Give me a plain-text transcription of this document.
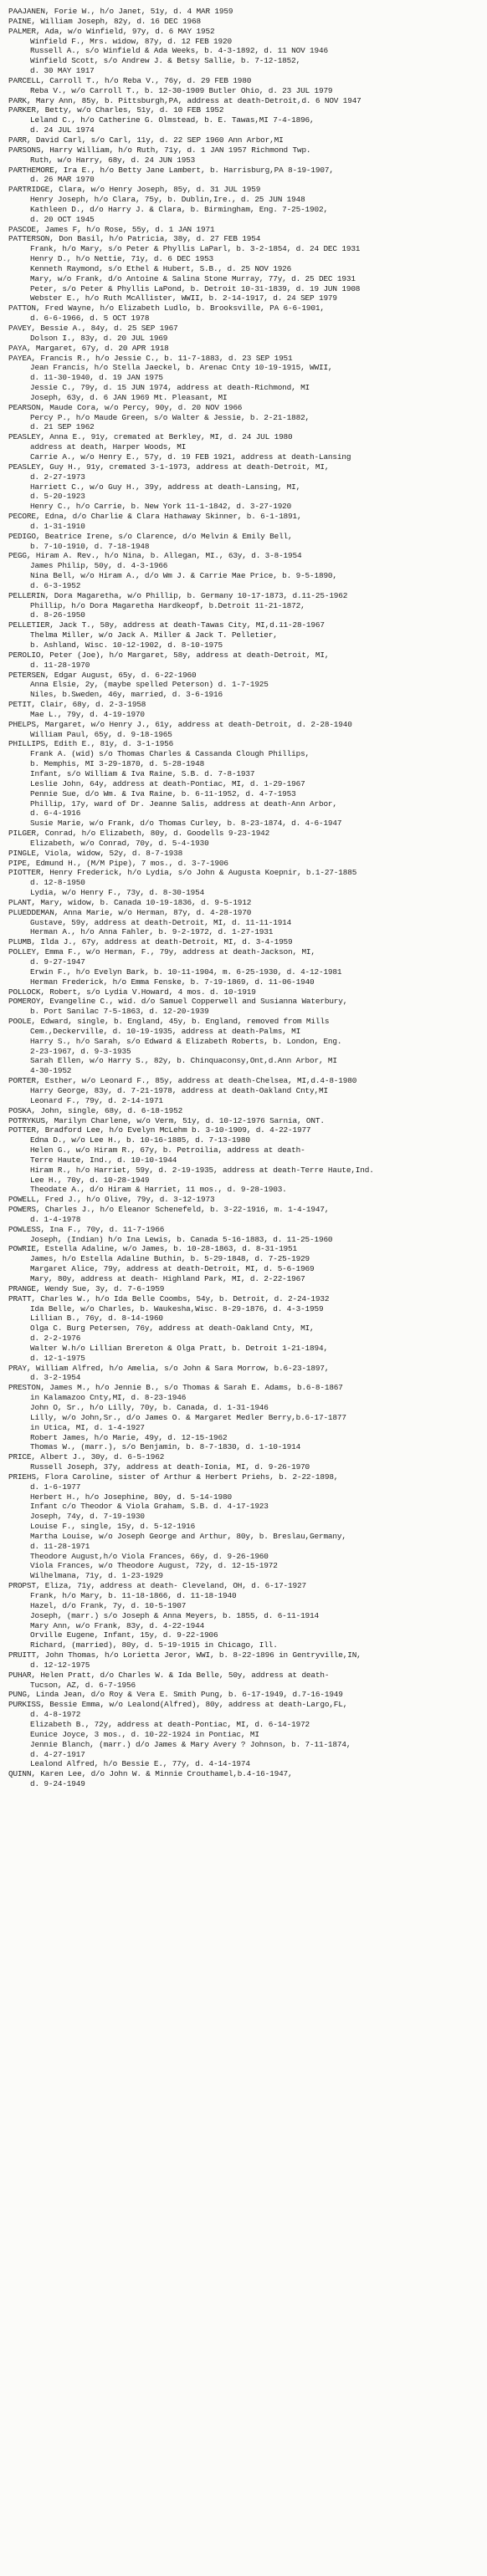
PAAJANEN, Forie W., h/o Janet, 51y, d. 4 MAR 1959
PAINE, William Joseph, 82y, d. 16 DEC 1968
PALMER, Ada, w/o Winfield, 97y, d. 6 MAY 1952
Winfield F., Mrs. widow, 87y, d. 12 FEB 1920
Russell A., s/o Winfield & Ada Weeks, b. 4-3-1892, d. 11 NOV 1946
Winfield Scott, s/o Andrew J. & Betsy Sallie, b. 7-12-1852,
d. 30 MAY 1917
PARCELL, Carroll T., h/o Reba V., 76y, d. 29 FEB 1980
Reba V., w/o Carroll T., b. 12-30-1909 Butler Ohio, d. 23 JUL 1979
PARK, Mary Ann, 85y, b. Pittsburgh,PA, address at death-Detroit,d. 6 NOV 1947
PARKER, Betty, w/o Charles, 51y, d. 10 FEB 1952
Leland C., h/o Catherine G. Olmstead, b. E. Tawas,MI 7-4-1896,
d. 24 JUL 1974
PARR, David Carl, s/o Carl, 11y, d. 22 SEP 1960 Ann Arbor,MI
PARSONS, Harry William, h/o Ruth, 71y, d. 1 JAN 1957 Richmond Twp.
Ruth, w/o Harry, 68y, d. 24 JUN 1953
PARTHEMORE, Ira E., h/o Betty Jane Lambert, b. Harrisburg,PA 8-19-1907,
d. 26 MAR 1970
PARTRIDGE, Clara, w/o Henry Joseph, 85y, d. 31 JUL 1959
Henry Joseph, h/o Clara, 75y, b. Dublin,Ire., d. 25 JUN 1948
Kathleen D., d/o Harry J. & Clara, b. Birmingham, Eng. 7-25-1902,
d. 20 OCT 1945
PASCOE, James F, h/o Rose, 55y, d. 1 JAN 1971
PATTERSON, Don Basil, h/o Patricia, 38y, d. 27 FEB 1954
Frank, h/o Mary, s/o Peter & Phyllis LaParl, b. 3-2-1854, d. 24 DEC 1931
Henry D., h/o Nettie, 71y, d. 6 DEC 1953
Kenneth Raymond, s/o Ethel & Hubert, S.B., d. 25 NOV 1926
Mary, w/o Frank, d/o Antoine & Salina Stone Murray, 77y, d. 25 DEC 1931
Peter, s/o Peter & Phyllis LaPond, b. Detroit 10-31-1839, d. 19 JUN 1908
Webster E., h/o Ruth McAllister, WWII, b. 2-14-1917, d. 24 SEP 1979
PATTON, Fred Wayne, h/o Elizabeth Ludlo, b. Brooksville, PA 6-6-1901,
d. 6-6-1966, d. 5 OCT 1978
PAVEY, Bessie A., 84y, d. 25 SEP 1967
Dolson I., 83y, d. 20 JUL 1969
PAYA, Margaret, 67y, d. 20 APR 1918
PAYEA, Francis R., h/o Jessie C., b. 11-7-1883, d. 23 SEP 1951
Jean Francis, h/o Stella Jaeckel, b. Arenac Cnty 10-19-1915, WWII,
d. 11-30-1940, d. 19 JAN 1975
Jessie C., 79y, d. 15 JUN 1974, address at death-Richmond, MI
Joseph, 63y, d. 6 JAN 1969 Mt. Pleasant, MI
PEARSON, Maude Cora, w/o Percy, 90y, d. 20 NOV 1966
Percy P., h/o Maude Green, s/o Walter & Jessie, b. 2-21-1882,
d. 21 SEP 1962
PEASLEY, Anna E., 91y, cremated at Berkley, MI, d. 24 JUL 1980
address at death, Harper Woods, MI
Carrie A., w/o Henry E., 57y, d. 19 FEB 1921, address at death-Lansing
PEASLEY, Guy H., 91y, cremated 3-1-1973, address at death-Detroit, MI,
d. 2-27-1973
Harriett C., w/o Guy H., 39y, address at death-Lansing, MI,
d. 5-20-1923
Henry C., h/o Carrie, b. New York 11-1-1842, d. 3-27-1920
PECORE, Edna, d/o Charlie & Clara Hathaway Skinner, b. 6-1-1891,
d. 1-31-1910
PEDIGO, Beatrice Irene, s/o Clarence, d/o Melvin & Emily Bell,
b. 7-10-1910, d. 7-18-1948
PEGG, Hiram A. Rev., h/o Nina, b. Allegan, MI., 63y, d. 3-8-1954
James Philip, 50y, d. 4-3-1966
Nina Bell, w/o Hiram A., d/o Wm J. & Carrie Mae Price, b. 9-5-1890,
d. 6-3-1952
PELLERIN, Dora Magaretha, w/o Phillip, b. Germany 10-17-1873, d.11-25-1962
Phillip, h/o Dora Magaretha Hardkeopf, b.Detroit 11-21-1872,
d. 8-26-1950
PELLETIER, Jack T., 58y, address at death-Tawas City, MI,d.11-28-1967
Thelma Miller, w/o Jack A. Miller & Jack T. Pelletier,
b. Ashland, Wisc. 10-12-1902, d. 8-10-1975
PEROLIO, Peter (Joe), h/o Margaret, 58y, address at death-Detroit, MI,
d. 11-28-1970
PETERSEN, Edgar August, 65y, d. 6-22-1960
Anna Elsie, 2y, (maybe spelled Peterson) d. 1-7-1925
Niles, b.Sweden, 46y, married, d. 3-6-1916
PETIT, Clair, 68y, d. 2-3-1958
Mae L., 79y, d. 4-19-1970
PHELPS, Margaret, w/o Henry J., 61y, address at death-Detroit, d. 2-28-1940
William Paul, 65y, d. 9-18-1965
PHILLIPS, Edith E., 81y, d. 3-1-1956
Frank A. (wid) s/o Thomas Charles & Cassanda Clough Phillips,
b. Memphis, MI 3-29-1870, d. 5-28-1948
Infant, s/o William & Iva Raine, S.B. d. 7-8-1937
Leslie John, 64y, address at death-Pontiac, MI, d. 1-29-1967
Pennie Sue, d/o Wm. & Iva Raine, b. 6-11-1952, d. 4-7-1953
Phillip, 17y, ward of Dr. Jeanne Salis, address at death-Ann Arbor,
d. 6-4-1916
Susie Marie, w/o Frank, d/o Thomas Curley, b. 8-23-1874, d. 4-6-1947
PILGER, Conrad, h/o Elizabeth, 80y, d. Goodells 9-23-1942
Elizabeth, w/o Conrad, 70y, d. 5-4-1930
PINGLE, Viola, widow, 52y, d. 8-7-1938
PIPE, Edmund H., (M/M Pipe), 7 mos., d. 3-7-1906
PIOTTER, Henry Frederick, h/o Lydia, s/o John & Augusta Koepnir, b.1-27-1885
d. 12-8-1950
Lydia, w/o Henry F., 73y, d. 8-30-1954
PLANT, Mary, widow, b. Canada 10-19-1836, d. 9-5-1912
PLUEDDEMAN, Anna Marie, w/o Herman, 87y, d. 4-28-1970
Gustave, 59y, address at death-Detroit, MI, d. 11-11-1914
Herman A., h/o Anna Fahler, b. 9-2-1972, d. 1-27-1931
PLUMB, Ilda J., 67y, address at death-Detroit, MI, d. 3-4-1959
POLLEY, Emma F., w/o Herman, F., 79y, address at death-Jackson, MI,
d. 9-27-1947
Erwin F., h/o Evelyn Bark, b. 10-11-1904, m. 6-25-1930, d. 4-12-1981
Herman Frederick, h/o Emma Fenske, b. 7-19-1869, d. 11-06-1940
POLLOCK, Robert, s/o Lydia V.Howard, 4 mos. d. 10-1919
POMEROY, Evangeline C., wid. d/o Samuel Copperwell and Susianna Waterbury,
b. Port Sanilac 7-5-1863, d. 12-20-1939
POOLE, Edward, single, b. England, 45y, b. England, removed from Mills
Cem.,Deckerville, d. 10-19-1935, address at death-Palms, MI
Harry S., h/o Sarah, s/o Edward & Elizabeth Roberts, b. London, Eng.
2-23-1967, d. 9-3-1935
Sarah Ellen, w/o Harry S., 82y, b. Chinquaconsy,Ont,d.Ann Arbor, MI
4-30-1952
PORTER, Esther, w/o Leonard F., 85y, address at death-Chelsea, MI,d.4-8-1980
Harry George, 83y, d. 7-21-1978, address at death-Oakland Cnty,MI
Leonard F., 79y, d. 2-14-1971
POSKA, John, single, 68y, d. 6-18-1952
POTRYKUS, Marilyn Charlene, w/o Verm, 51y, d. 10-12-1976 Sarnia, ONT.
POTTER, Bradford Lee, h/o Evelyn McLehm b. 3-10-1909, d. 4-22-1977
Edna D., w/o Lee H., b. 10-16-1885, d. 7-13-1980
Helen G., w/o Hiram R., 67y, b. Petroilia, address at death-
Terre Haute, Ind., d. 10-10-1944
Hiram R., h/o Harriet, 59y, d. 2-19-1935, address at death-Terre Haute,Ind.
Lee H., 70y, d. 10-28-1949
Theodate A., d/o Hiram & Harriet, 11 mos., d. 9-28-1903.
POWELL, Fred J., h/o Olive, 79y, d. 3-12-1973
POWERS, Charles J., h/o Eleanor Schenefeld, b. 3-22-1916, m. 1-4-1947,
d. 1-4-1978
POWLESS, Ina F., 70y, d. 11-7-1966
Joseph, (Indian) h/o Ina Lewis, b. Canada 5-16-1883, d. 11-25-1960
POWRIE, Estella Adaline, w/o James, b. 10-28-1863, d. 8-31-1951
James, h/o Estella Adaline Buthin, b. 5-29-1848, d. 7-25-1929
Margaret Alice, 79y, address at death-Detroit, MI, d. 5-6-1969
Mary, 80y, address at death- Highland Park, MI, d. 2-22-1967
PRANGE, Wendy Sue, 3y, d. 7-6-1959
PRATT, Charles W., h/o Ida Belle Coombs, 54y, b. Detroit, d. 2-24-1932
Ida Belle, w/o Charles, b. Waukesha,Wisc. 8-29-1876, d. 4-3-1959
Lillian B., 76y, d. 8-14-1960
Olga C. Burg Petersen, 76y, address at death-Oakland Cnty, MI,
d. 2-2-1976
Walter W.h/o Lillian Brereton & Olga Pratt, b. Detroit 1-21-1894,
d. 12-1-1975
PRAY, William Alfred, h/o Amelia, s/o John & Sara Morrow, b.6-23-1897,
d. 3-2-1954
PRESTON, James M., h/o Jennie B., s/o Thomas & Sarah E. Adams, b.6-8-1867
in Kalamazoo Cnty,MI, d. 8-23-1946
John O, Sr., h/o Lilly, 70y, b. Canada, d. 1-31-1946
Lilly, w/o John,Sr., d/o James O. & Margaret Medler Berry,b.6-17-1877
in Utica, MI, d. 1-4-1927
Robert James, h/o Marie, 49y, d. 12-15-1962
Thomas W., (marr.), s/o Benjamin, b. 8-7-1830, d. 1-10-1914
PRICE, Albert J., 30y, d. 6-5-1962
Russell Joseph, 37y, address at death-Ionia, MI, d. 9-26-1970
PRIEHS, Flora Caroline, sister of Arthur & Herbert Priehs, b. 2-22-1898,
d. 1-6-1977
Herbert H., h/o Josephine, 80y, d. 5-14-1980
Infant c/o Theodor & Viola Graham, S.B. d. 4-17-1923
Joseph, 74y, d. 7-19-1930
Louise F., single, 15y, d. 5-12-1916
Martha Louise, w/o Joseph George and Arthur, 80y, b. Breslau,Germany,
d. 11-28-1971
Theodore August,h/o Viola Frances, 66y, d. 9-26-1960
Viola Frances, w/o Theodore August, 72y, d. 12-15-1972
Wilhelmana, 71y, d. 1-23-1929
PROPST, Eliza, 71y, address at death- Cleveland, OH, d. 6-17-1927
Frank, h/o Mary, b. 11-18-1866, d. 11-18-1940
Hazel, d/o Frank, 7y, d. 10-5-1907
Joseph, (marr.) s/o Joseph & Anna Meyers, b. 1855, d. 6-11-1914
Mary Ann, w/o Frank, 83y, d. 4-22-1944
Orville Eugene, Infant, 15y, d. 9-22-1906
Richard, (married), 80y, d. 5-19-1915 in Chicago, Ill.
PRUITT, John Thomas, h/o Lorietta Jeror, WWI, b. 8-22-1896 in Gentryville,IN,
d. 12-12-1975
PUHAR, Helen Pratt, d/o Charles W. & Ida Belle, 50y, address at death-
Tucson, AZ, d. 6-7-1956
PUNG, Linda Jean, d/o Roy & Vera E. Smith Pung, b. 6-17-1949, d.7-16-1949
PURKISS, Bessie Emma, w/o Lealond(Alfred), 80y, address at death-Largo,FL,
d. 4-8-1972
Elizabeth B., 72y, address at death-Pontiac, MI, d. 6-14-1972
Eunice Joyce, 3 mos., d. 10-22-1924 in Pontiac, MI
Jennie Blanch, (marr.) d/o James & Mary Avery ? Johnson, b. 7-11-1874,
d. 4-27-1917
Lealond Alfred, h/o Bessie E., 77y, d. 4-14-1974
QUINN, Karen Lee, d/o John W. & Minnie Crouthamel,b.4-16-1947,
d. 9-24-1949
